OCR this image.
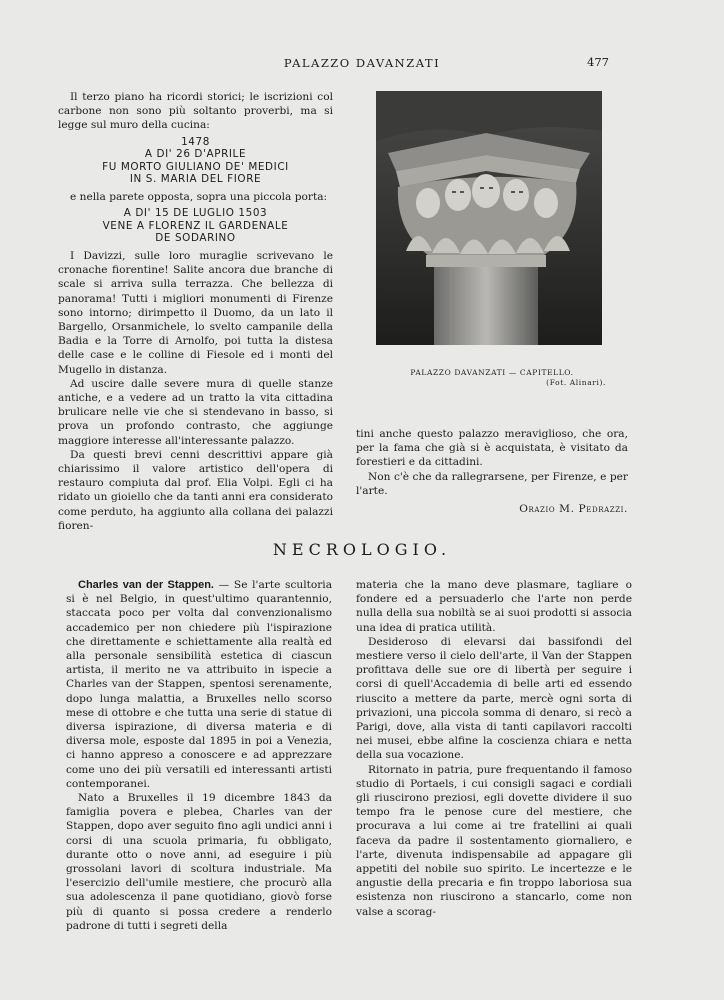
PALAZZO DAVANZATI	477

Il terzo piano ha ricordi storici; le iscrizioni col carbone non sono più soltanto proverbi, ma si legge sul muro della cucina:

1478
A DI' 26 D'APRILE
FU MORTO GIULIANO DE' MEDICI
IN S. MARIA DEL FIORE

e nella parete opposta, sopra una piccola porta:

A DI' 15 DE LUGLIO 1503
VENE A FLORENZ IL GARDENALE
DE SODARINO

I Davizzi, sulle loro muraglie scrivevano le cronache fiorentine! Salite ancora due branche di scale si arriva sulla terrazza. Che bellezza di panorama! Tutti i migliori monumenti di Firenze sono intorno; dirimpetto il Duomo, da un lato il Bargello, Orsanmichele, lo svelto campanile della Badia e la Torre di Arnolfo, poi tutta la distesa delle case e le colline di Fiesole ed i monti del Mugello in distanza.

Ad uscire dalle severe mura di quelle stanze antiche, e a vedere ad un tratto la vita cittadina brulicare nelle vie che si stendevano in basso, si prova un profondo contrasto, che aggiunge maggiore interesse all'interessante palazzo.

Da questi brevi cenni descrittivi appare già chiarissimo il valore artistico dell'opera di restauro compiuta dal prof. Elia Volpi. Egli ci ha ridato un gioiello che da tanti anni era considerato come perduto, ha aggiunto alla collana dei palazzi fioren-

PALAZZO DAVANZATI — CAPITELLO.
(Fot. Alinari).

tini anche questo palazzo meraviglioso, che ora, per la fama che già si è acquistata, è visitato da forestieri e da cittadini.

Non c'è che da rallegrarsene, per Firenze, e per l'arte.

Orazio M. Pedrazzi.
NECROLOGIO.

Charles van der Stappen. — Se l'arte scultoria si è nel Belgio, in quest'ultimo quarantennio, staccata poco per volta dal convenzionalismo accademico per non chiedere più l'ispirazione che direttamente e schiettamente alla realtà ed alla personale sensibilità estetica di ciascun artista, il merito ne va attribuito in ispecie a Charles van der Stappen, spentosi serenamente, dopo lunga malattia, a Bruxelles nello scorso mese di ottobre e che tutta una serie di statue di diversa ispirazione, di diversa materia e di diversa mole, esposte dal 1895 in poi a Venezia, ci hanno appreso a conoscere e ad apprezzare come uno dei più versatili ed interessanti artisti contemporanei.

Nato a Bruxelles il 19 dicembre 1843 da famiglia povera e plebea, Charles van der Stappen, dopo aver seguito fino agli undici anni i corsi di una scuola primaria, fu obbligato, durante otto o nove anni, ad eseguire i più grossolani lavori di scoltura industriale. Ma l'esercizio dell'umile mestiere, che procurò alla sua adolescenza il pane quotidiano, giovò forse più di quanto si possa credere a renderlo padrone di tutti i segreti della

materia che la mano deve plasmare, tagliare o fondere ed a persuaderlo che l'arte non perde nulla della sua nobiltà se ai suoi prodotti si associa una idea di pratica utilità.

Desideroso di elevarsi dai bassifondi del mestiere verso il cielo dell'arte, il Van der Stappen profittava delle sue ore di libertà per seguire i corsi di quell'Accademia di belle arti ed essendo riuscito a mettere da parte, mercè ogni sorta di privazioni, una piccola somma di denaro, si recò a Parigi, dove, alla vista di tanti capilavori raccolti nei musei, ebbe alfine la coscienza chiara e netta della sua vocazione.

Ritornato in patria, pure frequentando il famoso studio di Portaels, i cui consigli sagaci e cordiali gli riuscirono preziosi, egli dovette dividere il suo tempo fra le penose cure del mestiere, che procurava a lui come ai tre fratellini ai quali faceva da padre il sostentamento giornaliero, e l'arte, divenuta indispensabile ad appagare gli appetiti del nobile suo spirito. Le incertezze e le angustie della precaria e fin troppo laboriosa sua esistenza non riuscirono a stancarlo, come non valse a scorag-
